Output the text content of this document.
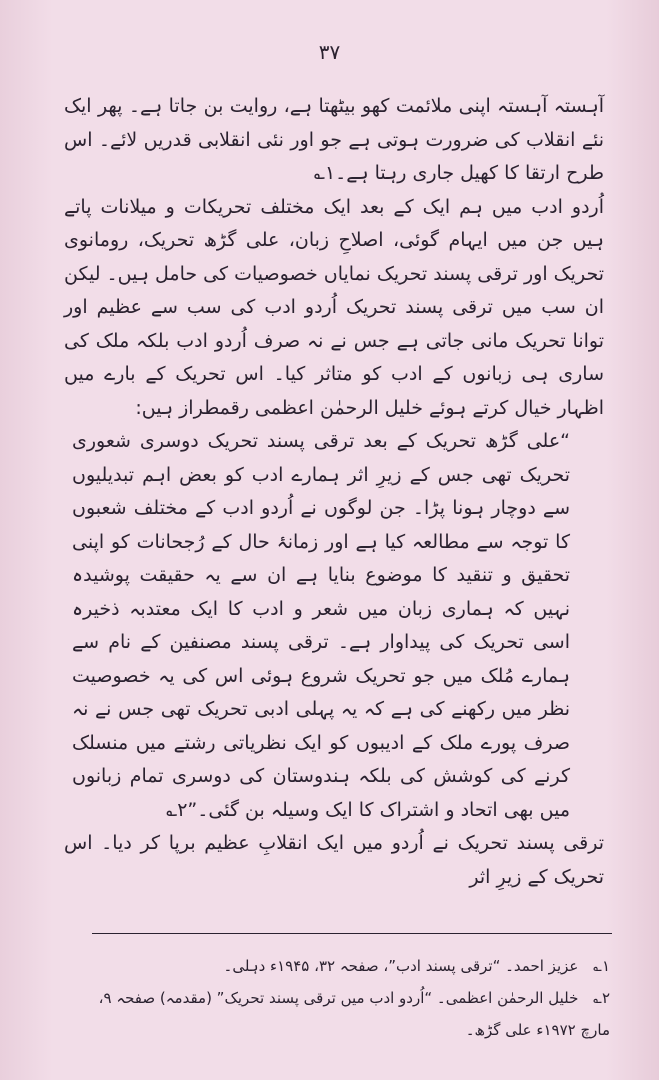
۳۷

آہستہ آہستہ اپنی ملائمت کھو بیٹھتا ہے، روایت بن جاتا ہے۔ پھر ایک نئے انقلاب کی ضرورت ہوتی ہے جو اور نئی انقلابی قدریں لائے۔ اس طرح ارتقا کا کھیل جاری رہتا ہے۔۱؎

اُردو ادب میں ہم ایک کے بعد ایک مختلف تحریکات و میلانات پاتے ہیں جن میں ایہام گوئی، اصلاحِ زبان، علی گڑھ تحریک، رومانوی تحریک اور ترقی پسند تحریک نمایاں خصوصیات کی حامل ہیں۔ لیکن ان سب میں ترقی پسند تحریک اُردو ادب کی سب سے عظیم اور توانا تحریک مانی جاتی ہے جس نے نہ صرف اُردو ادب بلکہ ملک کی ساری ہی زبانوں کے ادب کو متاثر کیا۔ اس تحریک کے بارے میں اظہار خیال کرتے ہوئے خلیل الرحمٰن اعظمی رقمطراز ہیں:

“علی گڑھ تحریک کے بعد ترقی پسند تحریک دوسری شعوری تحریک تھی جس کے زیرِ اثر ہمارے ادب کو بعض اہم تبدیلیوں سے دوچار ہونا پڑا۔ جن لوگوں نے اُردو ادب کے مختلف شعبوں کا توجہ سے مطالعہ کیا ہے اور زمانۂ حال کے رُجحانات کو اپنی تحقیق و تنقید کا موضوع بنایا ہے ان سے یہ حقیقت پوشیدہ نہیں کہ ہماری زبان میں شعر و ادب کا ایک معتدبہ ذخیرہ اسی تحریک کی پیداوار ہے۔ ترقی پسند مصنفین کے نام سے ہمارے مُلک میں جو تحریک شروع ہوئی اس کی یہ خصوصیت نظر میں رکھنے کی ہے کہ یہ پہلی ادبی تحریک تھی جس نے نہ صرف پورے ملک کے ادیبوں کو ایک نظریاتی رشتے میں منسلک کرنے کی کوشش کی بلکہ ہندوستان کی دوسری تمام زبانوں میں بھی اتحاد و اشتراک کا ایک وسیلہ بن گئی۔”۲؎

ترقی پسند تحریک نے اُردو میں ایک انقلابِ عظیم برپا کر دیا۔ اس تحریک کے زیرِ اثر

۱؎ عزیز احمد۔ “ترقی پسند ادب”، صفحہ ۳۲، ۱۹۴۵ء دہلی۔

۲؎ خلیل الرحمٰن اعظمی۔ “اُردو ادب میں ترقی پسند تحریک” (مقدمہ) صفحہ ۹، مارچ ۱۹۷۲ء علی گڑھ۔
